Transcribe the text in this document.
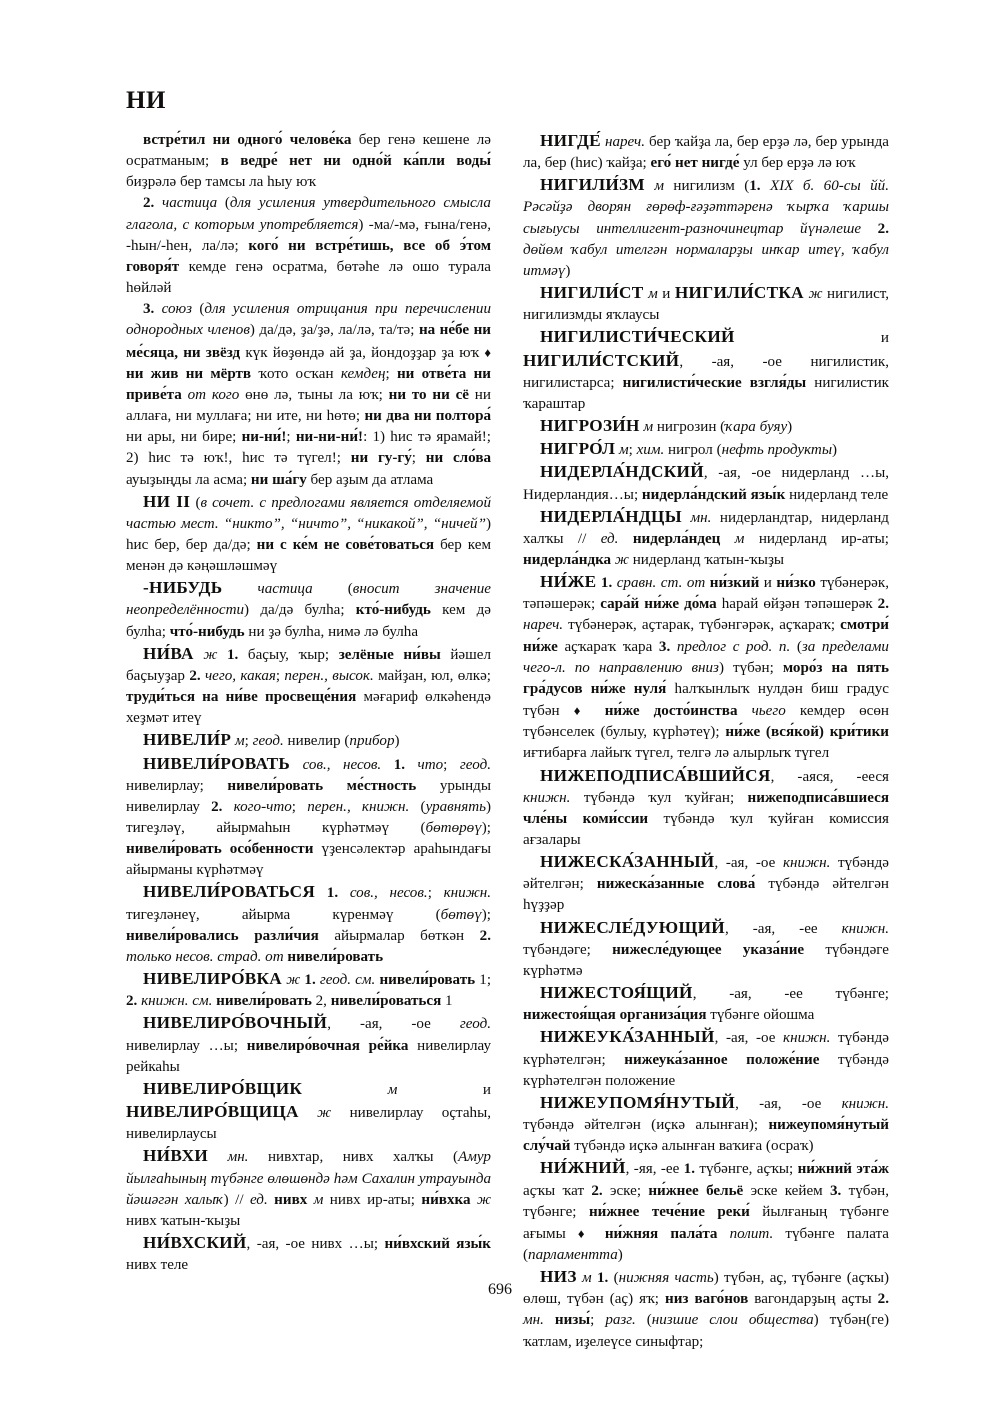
НИ

встре́тил ни одного́ челове́ка бер генә кешене лә осратманым; в ведре́ нет ни одно́й ка́пли воды́ биҙрәлә бер тамсы ла һыу юҡ

2. частица (для усиления утвердительного смысла глагола, с которым употребляется) -ма/-мә, ғына/генә, -һын/-һен, ла/лә; кого́ ни встре́тишь, все об э́том говоря́т кемде генә осратма, бөтәһе лә ошо турала һөйләй

3. союз (для усиления отрицания при перечислении однородных членов) да/дә, ҙа/ҙә, ла/лә, та/тә; на не́бе ни ме́сяца, ни звёзд күк йөҙөндә ай ҙа, йондоҙҙар ҙа юҡ ♦ ни жив ни мёртв ҡото осҡан кемдең; ни отве́та ни приве́та от кого өнө лә, тыны ла юҡ; ни то ни сё ни аллаға, ни муллаға; ни ите, ни һөтө; ни два ни полтора́ ни ары, ни бире; ни-ни́!; ни-ни-ни́!: 1) һис тә ярамай!; 2) һис тә юҡ!, һис тә түгел!; ни гу-гу́; ни сло́ва ауыҙыңды ла асма; ни ша́гу бер аҙым да атлама

НИ II (в сочет. с предлогами является отделяемой частью мест. “никто”, “ничто”, “никакой”, “ничей”) һис бер, бер да/дә; ни с ке́м не сове́товаться бер кем менән дә кәңәшләшмәү

-НИБУДЬ частица (вносит значение неопределённости) да/дә булһа; кто́-нибудь кем дә булһа; что́-нибудь ни ҙә булһа, нимә лә булһа

НИ́ВА ж 1. баҫыу, ҡыр; зелёные ни́вы йәшел баҫыуҙар 2. чего, какая; перен., высок. майҙан, юл, өлкә; труди́ться на ни́ве просвеще́ния мәғариф өлкәһендә хеҙмәт итеү

НИВЕЛИ́Р м; геод. нивелир (прибор)

НИВЕЛИ́РОВАТЬ сов., несов. 1. что; геод. нивелирлау; нивели́ровать ме́стность урынды нивелирлау 2. кого-что; перен., книжн. (уравнять) тигеҙләү, айырмаһын күрһәтмәү (бөтөрөү); нивели́ровать осо́бенности үҙенсәлектәр араһындағы айырманы күрһәтмәү

НИВЕЛИ́РОВАТЬСЯ 1. сов., несов.; книжн. тигеҙләнеү, айырма күренмәү (бөтөү); нивели́ровались разли́чия айырмалар бөткән 2. только несов. страд. от нивели́ровать

НИВЕЛИРО́ВКА ж 1. геод. см. нивели́ровать 1; 2. книжн. см. нивели́ровать 2, нивели́роваться 1

НИВЕЛИРО́ВОЧНЫЙ, -ая, -ое геод. нивелирлау …ы; нивелиро́вочная ре́йка нивелирлау рейкаһы

НИВЕЛИРО́ВЩИК	м и НИВЕЛИРО́ВЩИЦА ж нивелирлау оҫтаһы, нивелирлаусы

НИ́ВХИ мн. нивхтар, нивх халҡы (Амур йылғаһының түбәнге өлөшөндә һәм Сахалин утрауында йәшәгән халыҡ) // ед. нивх м нивх ир-аты; ни́вхка ж нивх ҡатын-ҡыҙы

НИ́ВХСКИЙ, -ая, -ое нивх …ы; ни́вхский язы́к нивх теле

НИГДЕ́ нареч. бер ҡайҙа ла, бер ерҙә лә, бер урында ла, бер (һис) ҡайҙа; его́ нет нигде́ ул бер ерҙә лә юҡ

НИГИЛИ́ЗМ м нигилизм (1. XIX б. 60-сы йй. Рәсәйҙә дворян ғөрөф-ғәҙәттәренә ҡырҡа ҡаршы сығыусы интеллигент-разночинецтар йүнәлеше 2. дөйөм ҡабул ителгән нормаларҙы инҡар итеү, ҡабул итмәү)

НИГИЛИ́СТ м и НИГИЛИ́СТКА ж нигилист, нигилизмды яҡлаусы

НИГИЛИСТИ́ЧЕСКИЙ и НИГИЛИ́СТСКИЙ, -ая, -ое нигилистик, нигилистарса; нигилисти́ческие взгля́ды нигилистик ҡараштар

НИГРОЗИ́Н м нигрозин (ҡара буяу)

НИГРО́Л м; хим. нигрол (нефть продукты)

НИДЕРЛА́НДСКИЙ, -ая, -ое нидерланд …ы, Нидерландия…ы; нидерла́ндский язы́к нидерланд теле

НИДЕРЛА́НДЦЫ мн. нидерландтар, нидерланд халҡы // ед. нидерла́ндец м нидерланд ир-аты; нидерла́ндка ж нидерланд ҡатын-ҡыҙы

НИ́ЖЕ 1. сравн. ст. от ни́зкий и ни́зко түбәнерәк, тәпәшерәк; сара́й ни́же до́ма һарай өйҙән тәпәшерәк 2. нареч. түбәнерәк, аҫтарак, түбәнгәрәк, аҫҡараҡ; смотри́ ни́же аҫҡараҡ ҡара 3. предлог с род. п. (за пределами чего-л. по направлению вниз) түбән; моро́з на пять гра́дусов ни́же нуля́ һалҡынлыҡ нулдән биш градус түбән ♦ ни́же досто́инства чьего кемдер өсөн түбәнселек (булыу, күрһәтеү); ни́же (вся́кой) кри́тики иғтибарға лайыҡ түгел, телгә лә алырлыҡ түгел

НИЖЕПОДПИСА́ВШИЙСЯ, -аяся, -ееся книжн. түбәндә ҡул ҡуйған; нижеподписа́вшиеся чле́ны коми́ссии түбәндә ҡул ҡуйған комиссия ағзалары

НИЖЕСКА́ЗАННЫЙ, -ая, -ое книжн. түбәндә әйтелгән; нижеска́занные слова́ түбәндә әйтелгән һүҙҙәр

НИЖЕСЛЕ́ДУЮЩИЙ, -ая, -ее книжн. түбәндәге; нижесле́дующее указа́ние түбәндәге күрһәтмә

НИЖЕСТОЯ́ЩИЙ, -ая, -ее түбәнге; нижестоя́щая организа́ция түбәнге ойошма

НИЖЕУКА́ЗАННЫЙ, -ая, -ое книжн. түбәндә күрһәтелгән; нижеука́занное положе́ние түбәндә күрһәтелгән положение

НИЖЕУПОМЯ́НУТЫЙ, -ая, -ое книжн. түбәндә әйтелгән (иҫкә алынған); нижеупомя́нутый слу́чай түбәндә иҫкә алынған ваҡиға (осраҡ)

НИ́ЖНИЙ, -яя, -ее 1. түбәнге, аҫҡы; ни́жний эта́ж аҫҡы ҡат 2. эске; ни́жнее бельё эске кейем 3. түбән, түбәнге; ни́жнее тече́ние реки́ йылғаның түбәнге ағымы ♦ ни́жняя пала́та полит. түбәнге палата (парламентта)

НИЗ м 1. (нижняя часть) түбән, аҫ, түбәнге (аҫҡы) өлөш, түбән (аҫ) яҡ; низ ваго́нов вагондарҙың аҫты 2. мн. низы́; разг. (низшие слои общества) түбән(ге) ҡатлам, иҙелеүсе синыфтар;

696
